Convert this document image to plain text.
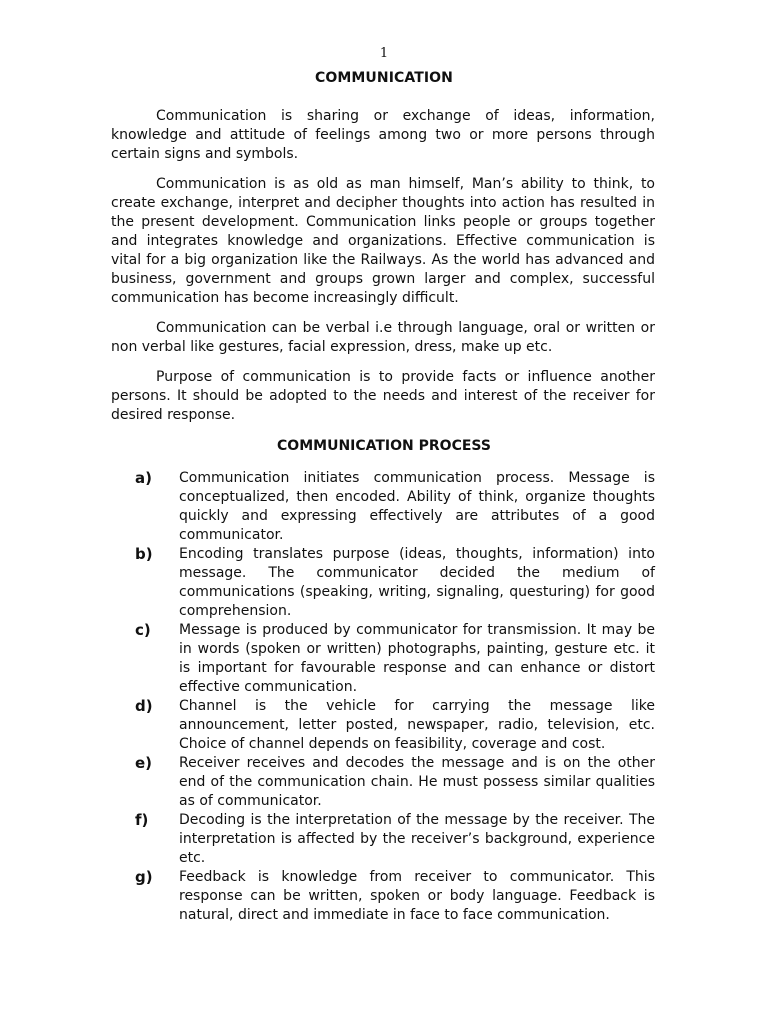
1
COMMUNICATION

Communication is sharing or exchange of ideas, information, knowledge and attitude of feelings among two or more persons through certain signs and symbols.

Communication is as old as man himself, Man’s ability to think, to create exchange, interpret and decipher thoughts into action has resulted in the present development. Communication links people or groups together and integrates knowledge and organizations. Effective communication is vital for a big organization like the Railways. As the world has advanced and business, government and groups grown larger and complex, successful communication has become increasingly difficult.

Communication can be verbal i.e through language, oral or written or non verbal like gestures, facial expression, dress, make up etc.

Purpose of communication is to provide facts or influence another persons. It should be adopted to the needs and interest of the receiver for desired response.

COMMUNICATION PROCESS
a)	Communication initiates communication process. Message is conceptualized, then encoded. Ability of think, organize thoughts quickly and expressing effectively are attributes of a good communicator.
b)	Encoding translates purpose (ideas, thoughts, information) into message. The communicator decided the medium of communications (speaking, writing, signaling, questuring) for good comprehension.
c)	Message is produced by communicator for transmission. It may be in words (spoken or written) photographs, painting, gesture etc. it is important for favourable response and can enhance or distort effective communication.
d)	Channel is the vehicle for carrying the message like announcement, letter posted, newspaper, radio, television, etc. Choice of channel depends on feasibility, coverage and cost.
e)	Receiver receives and decodes the message and is on the other end of the communication chain. He must possess similar qualities as of communicator.
f)	Decoding is the interpretation of the message by the receiver. The interpretation is affected by the receiver’s background, experience etc.
g)	Feedback is knowledge from receiver to communicator. This response can be written, spoken or body language. Feedback is natural, direct and immediate in face to face communication.
